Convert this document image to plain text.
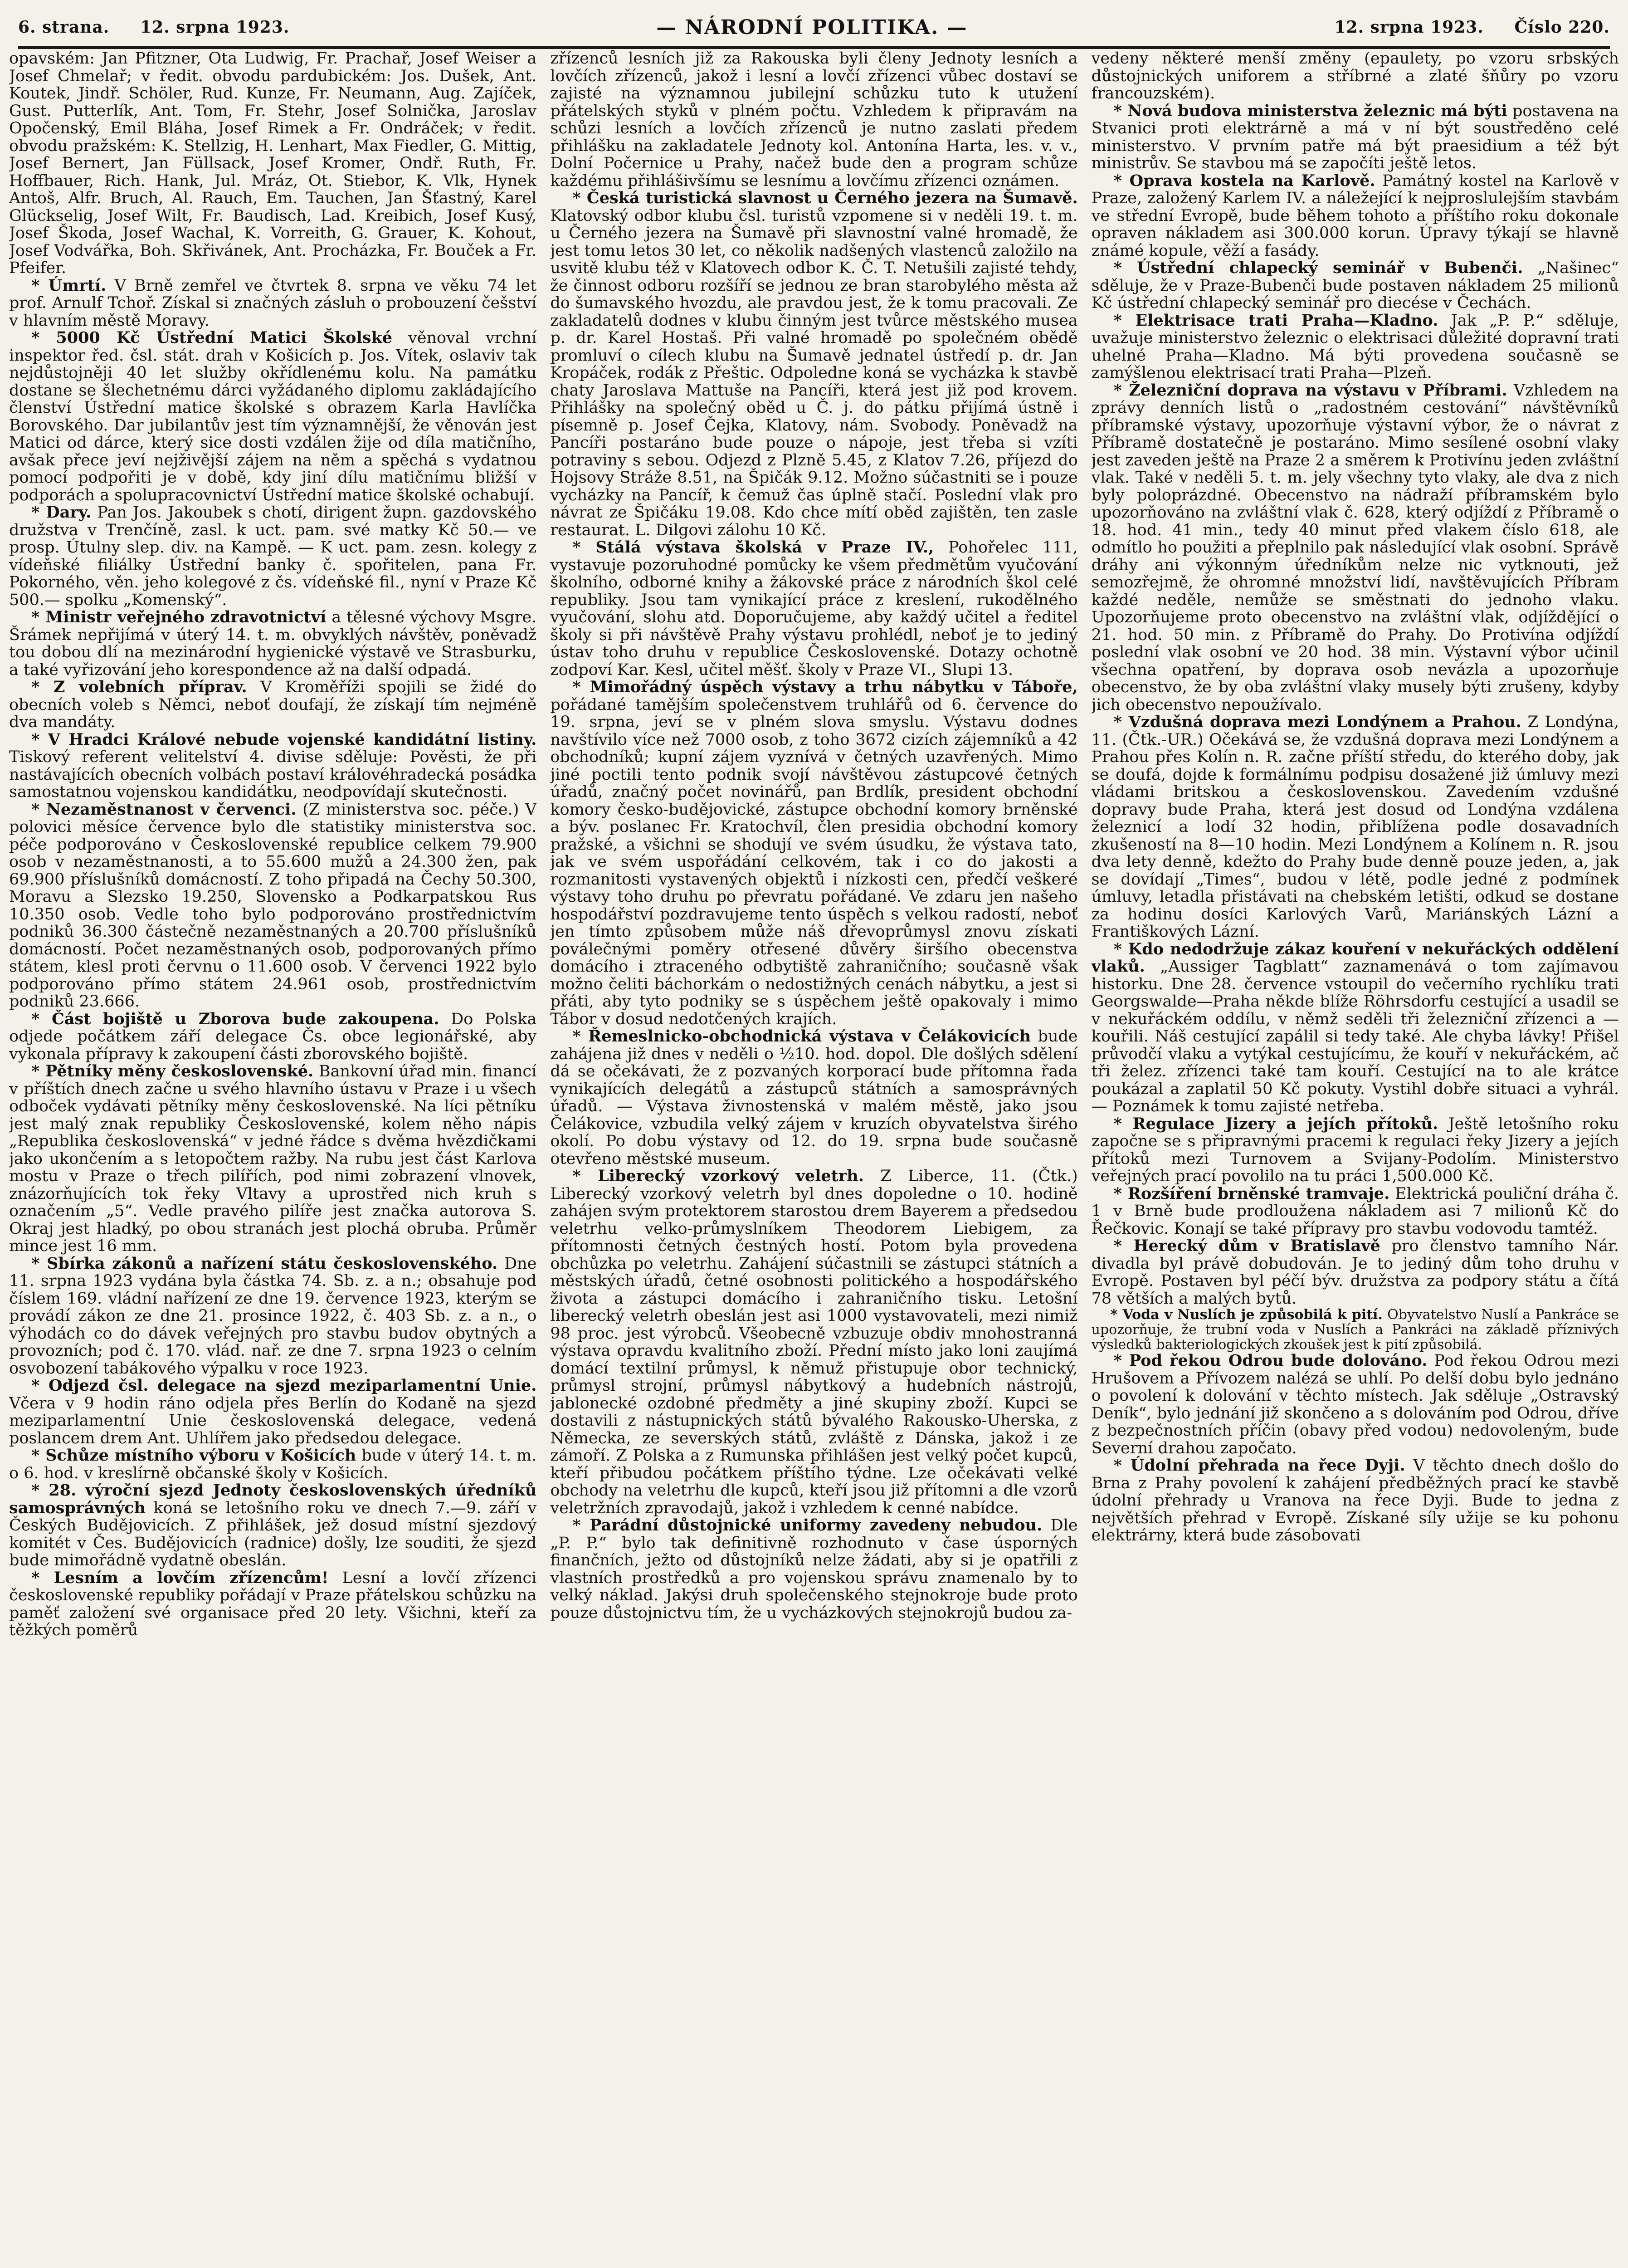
6. strana. 12. srpna 1923.	— NÁRODNÍ POLITIKA. —	12. srpna 1923. Číslo 220.

opavském: Jan Pfitzner, Ota Ludwig, Fr. Prachař, Josef Weiser a Josef Chmelař; v ředit. obvodu pardubickém: Jos. Dušek, Ant. Koutek, Jindř. Schöler, Rud. Kunze, Fr. Neumann, Aug. Zajíček, Gust. Putterlík, Ant. Tom, Fr. Stehr, Josef Solnička, Jaroslav Opočenský, Emil Bláha, Josef Rimek a Fr. Ondráček; v ředit. obvodu pražském: K. Stellzig, H. Lenhart, Max Fiedler, G. Mittig, Josef Bernert, Jan Füllsack, Josef Kromer, Ondř. Ruth, Fr. Hoffbauer, Rich. Hank, Jul. Mráz, Ot. Stiebor, K. Vlk, Hynek Antoš, Alfr. Bruch, Al. Rauch, Em. Tauchen, Jan Šťastný, Karel Glückselig, Josef Wilt, Fr. Baudisch, Lad. Kreibich, Josef Kusý, Josef Škoda, Josef Wachal, K. Vorreith, G. Grauer, K. Kohout, Josef Vodvářka, Boh. Skřivánek, Ant. Procházka, Fr. Bouček a Fr. Pfeifer.

* Úmrtí. V Brně zemřel ve čtvrtek 8. srpna ve věku 74 let prof. Arnulf Tchoř. Získal si značných zásluh o probouzení češství v hlavním městě Moravy.

* 5000 Kč Ústřední Matici Školské věnoval vrchní inspektor řed. čsl. stát. drah v Košicích p. Jos. Vítek, oslaviv tak nejdůstojněji 40 let služby okřídlenému kolu. Na památku dostane se šlechetnému dárci vyžádaného diplomu zakládajícího členství Ústřední matice školské s obrazem Karla Havlíčka Borovského. Dar jubilantův jest tím významnější, že věnován jest Matici od dárce, který sice dosti vzdálen žije od díla matičního, avšak přece jeví nejživější zájem na něm a spěchá s vydatnou pomocí podpořiti je v době, kdy jiní dílu matičnímu bližší v podporách a spolupracovnictví Ústřední matice školské ochabují.

* Dary. Pan Jos. Jakoubek s chotí, dirigent župn. gazdovského družstva v Trenčíně, zasl. k uct. pam. své matky Kč 50.— ve prosp. Útulny slep. div. na Kampě. — K uct. pam. zesn. kolegy z vídeňské filiálky Ústřední banky č. spořitelen, pana Fr. Pokorného, věn. jeho kolegové z čs. vídeňské fil., nyní v Praze Kč 500.— spolku „Komenský“.

* Ministr veřejného zdravotnictví a tělesné výchovy Msgre. Šrámek nepřijímá v úterý 14. t. m. obvyklých návštěv, poněvadž tou dobou dlí na mezinárodní hygienické výstavě ve Strasburku, a také vyřizování jeho korespondence až na další odpadá.

* Z volebních příprav. V Kroměříži spojili se židé do obecních voleb s Němci, neboť doufají, že získají tím nejméně dva mandáty.

* V Hradci Králové nebude vojenské kandidátní listiny. Tiskový referent velitelství 4. divise sděluje: Pověsti, že při nastávajících obecních volbách postaví královéhradecká posádka samostatnou vojenskou kandidátku, neodpovídají skutečnosti.

* Nezaměstnanost v červenci. (Z ministerstva soc. péče.) V polovici měsíce července bylo dle statistiky ministerstva soc. péče podporováno v Československé republice celkem 79.900 osob v nezaměstnanosti, a to 55.600 mužů a 24.300 žen, pak 69.900 příslušníků domácností. Z toho připadá na Čechy 50.300, Moravu a Slezsko 19.250, Slovensko a Podkarpatskou Rus 10.350 osob. Vedle toho bylo podporováno prostřednictvím podniků 36.300 částečně nezaměstnaných a 20.700 příslušníků domácností. Počet nezaměstnaných osob, podporovaných přímo státem, klesl proti červnu o 11.600 osob. V červenci 1922 bylo podporováno přímo státem 24.961 osob, prostřednictvím podniků 23.666.

* Část bojiště u Zborova bude zakoupena. Do Polska odjede počátkem září delegace Čs. obce legionářské, aby vykonala přípravy k zakoupení části zborovského bojiště.

* Pětníky měny československé. Bankovní úřad min. financí v příštích dnech začne u svého hlavního ústavu v Praze i u všech odboček vydávati pětníky měny československé. Na líci pětníku jest malý znak republiky Československé, kolem něho nápis „Republika československá“ v jedné řádce s dvěma hvězdičkami jako ukončením a s letopočtem ražby. Na rubu jest část Karlova mostu v Praze o třech pilířích, pod nimi zobrazení vlnovek, znázorňujících tok řeky Vltavy a uprostřed nich kruh s označením „5“. Vedle pravého pilíře jest značka autorova S. Okraj jest hladký, po obou stranách jest plochá obruba. Průměr mince jest 16 mm.

* Sbírka zákonů a nařízení státu československého. Dne 11. srpna 1923 vydána byla částka 74. Sb. z. a n.; obsahuje pod číslem 169. vládní nařízení ze dne 19. července 1923, kterým se provádí zákon ze dne 21. prosince 1922, č. 403 Sb. z. a n., o výhodách co do dávek veřejných pro stavbu budov obytných a provozních; pod č. 170. vlád. nař. ze dne 7. srpna 1923 o celním osvobození tabákového výpalku v roce 1923.

* Odjezd čsl. delegace na sjezd meziparlamentní Unie. Včera v 9 hodin ráno odjela přes Berlín do Kodaně na sjezd meziparlamentní Unie československá delegace, vedená poslancem drem Ant. Uhlířem jako předsedou delegace.

* Schůze místního výboru v Košicích bude v úterý 14. t. m. o 6. hod. v kreslírně občanské školy v Košicích.

* 28. výroční sjezd Jednoty československých úředníků samosprávných koná se letošního roku ve dnech 7.—9. září v Českých Budějovicích. Z přihlášek, jež dosud místní sjezdový komitét v Čes. Budějovicích (radnice) došly, lze souditi, že sjezd bude mimořádně vydatně obeslán.

* Lesním a lovčím zřízencům! Lesní a lovčí zřízenci československé republiky pořádají v Praze přátelskou schůzku na paměť založení své organisace před 20 lety. Všichni, kteří za těžkých poměrů

zřízenců lesních již za Rakouska byli členy Jednoty lesních a lovčích zřízenců, jakož i lesní a lovčí zřízenci vůbec dostaví se zajisté na významnou jubilejní schůzku tuto k utužení přátelských styků v plném počtu. Vzhledem k připravám na schůzi lesních a lovčích zřízenců je nutno zaslati předem přihlášku na zakladatele Jednoty kol. Antonína Harta, les. v. v., Dolní Počernice u Prahy, načež bude den a program schůze každému přihlášivšímu se lesnímu a lovčímu zřízenci oznámen.

* Česká turistická slavnost u Černého jezera na Šumavě. Klatovský odbor klubu čsl. turistů vzpomene si v neděli 19. t. m. u Černého jezera na Šumavě při slavnostní valné hromadě, že jest tomu letos 30 let, co několik nadšených vlastenců založilo na usvitě klubu též v Klatovech odbor K. Č. T. Netušili zajisté tehdy, že činnost odboru rozšíří se jednou ze bran starobylého města až do šumavského hvozdu, ale pravdou jest, že k tomu pracovali. Ze zakladatelů dodnes v klubu činným jest tvůrce městského musea p. dr. Karel Hostaš. Při valné hromadě po společném obědě promluví o cílech klubu na Šumavě jednatel ústředí p. dr. Jan Kropáček, rodák z Přeštic. Odpoledne koná se vycházka k stavbě chaty Jaroslava Mattuše na Pancíři, která jest již pod krovem. Přihlášky na společný oběd u Č. j. do pátku přijímá ústně i písemně p. Josef Čejka, Klatovy, nám. Svobody. Poněvadž na Pancíři postaráno bude pouze o nápoje, jest třeba si vzíti potraviny s sebou. Odjezd z Plzně 5.45, z Klatov 7.26, příjezd do Hojsovy Stráže 8.51, na Špičák 9.12. Možno súčastniti se i pouze vycházky na Pancíř, k čemuž čas úplně stačí. Poslední vlak pro návrat ze Špičáku 19.08. Kdo chce mítí oběd zajištěn, ten zasle restaurat. L. Dilgovi zálohu 10 Kč.

* Stálá výstava školská v Praze IV., Pohořelec 111, vystavuje pozoruhodné pomůcky ke všem předmětům vyučování školního, odborné knihy a žákovské práce z národních škol celé republiky. Jsou tam vynikající práce z kreslení, rukodělného vyučování, slohu atd. Doporučujeme, aby každý učitel a ředitel školy si při návštěvě Prahy výstavu prohlédl, neboť je to jediný ústav toho druhu v republice Československé. Dotazy ochotně zodpoví Kar. Kesl, učitel měšť. školy v Praze VI., Slupi 13.

* Mimořádný úspěch výstavy a trhu nábytku v Táboře, pořádané tamějším společenstvem truhlářů od 6. července do 19. srpna, jeví se v plném slova smyslu. Výstavu dodnes navštívilo více než 7000 osob, z toho 3672 cizích zájemníků a 42 obchodníků; kupní zájem vyznívá v četných uzavřených. Mimo jiné poctili tento podnik svojí návštěvou zástupcové četných úřadů, značný počet novinářů, pan Brdlík, president obchodní komory česko-budějovické, zástupce obchodní komory brněnské a býv. poslanec Fr. Kratochvíl, člen presidia obchodní komory pražské, a všichni se shodují ve svém úsudku, že výstava tato, jak ve svém uspořádání celkovém, tak i co do jakosti a rozmanitosti vystavených objektů i nízkosti cen, předčí veškeré výstavy toho druhu po převratu pořádané. Ve zdaru jen našeho hospodářství pozdravujeme tento úspěch s velkou radostí, neboť jen tímto způsobem může náš dřevoprůmysl znovu získati poválečnými poměry otřesené důvěry širšího obecenstva domácího i ztraceného odbytiště zahraničního; současně však možno čeliti báchorkám o nedostižných cenách nábytku, a jest si přáti, aby tyto podniky se s úspěchem ještě opakovaly i mimo Tábor v dosud nedotčených krajích.

* Řemeslnicko-obchodnická výstava v Čelákovicích bude zahájena již dnes v neděli o ½10. hod. dopol. Dle došlých sdělení dá se očekávati, že z pozvaných korporací bude přítomna řada vynikajících delegátů a zástupců státních a samosprávných úřadů. — Výstava živnostenská v malém městě, jako jsou Čelákovice, vzbudila velký zájem v kruzích obyvatelstva širého okolí. Po dobu výstavy od 12. do 19. srpna bude současně otevřeno městské museum.

* Liberecký vzorkový veletrh. Z Liberce, 11. (Čtk.) Liberecký vzorkový veletrh byl dnes dopoledne o 10. hodině zahájen svým protektorem starostou drem Bayerem a předsedou veletrhu velko-průmyslníkem Theodorem Liebigem, za přítomnosti četných čestných hostí. Potom byla provedena obchůzka po veletrhu. Zahájení súčastnili se zástupci státních a městských úřadů, četné osobnosti politického a hospodářského života a zástupci domácího i zahraničního tisku. Letošní liberecký veletrh obeslán jest asi 1000 vystavovateli, mezi nimiž 98 proc. jest výrobců. Všeobecně vzbuzuje obdiv mnohostranná výstava opravdu kvalitního zboží. Přední místo jako loni zaujímá domácí textilní průmysl, k němuž přistupuje obor technický, průmysl strojní, průmysl nábytkový a hudebních nástrojů, jablonecké ozdobné předměty a jiné skupiny zboží. Kupci se dostavili z nástupnických států bývalého Rakousko-Uherska, z Německa, ze severských států, zvláště z Dánska, jakož i ze zámoří. Z Polska a z Rumunska přihlášen jest velký počet kupců, kteří přibudou počátkem příštího týdne. Lze očekávati velké obchody na veletrhu dle kupců, kteří jsou již přítomni a dle vzorů veletržních zpravodajů, jakož i vzhledem k cenné nabídce.

* Parádní důstojnické uniformy zavedeny nebudou. Dle „P. P.“ bylo tak definitivně rozhodnuto v čase úsporných finančních, ježto od důstojníků nelze žádati, aby si je opatřili z vlastních prostředků a pro vojenskou správu znamenalo by to velký náklad. Jakýsi druh společenského stejnokroje bude proto pouze důstojnictvu tím, že u vycházkových stejnokrojů budou za-

vedeny některé menší změny (epaulety, po vzoru srbských důstojnických uniforem a stříbrné a zlaté šňůry po vzoru francouzském).

* Nová budova ministerstva železnic má býti postavena na Stvanici proti elektrárně a má v ní být soustředěno celé ministerstvo. V prvním patře má být praesidium a též být ministrův. Se stavbou má se započíti ještě letos.

* Oprava kostela na Karlově. Památný kostel na Karlově v Praze, založený Karlem IV. a náležející k nejproslulejším stavbám ve střední Evropě, bude během tohoto a příštího roku dokonale opraven nákladem asi 300.000 korun. Úpravy týkají se hlavně známé kopule, věží a fasády.

* Ústřední chlapecký seminář v Bubenči. „Našinec“ sděluje, že v Praze-Bubenči bude postaven nákladem 25 milionů Kč ústřední chlapecký seminář pro diecése v Čechách.

* Elektrisace trati Praha—Kladno. Jak „P. P.“ sděluje, uvažuje ministerstvo železnic o elektrisaci důležité dopravní trati uhelné Praha—Kladno. Má býti provedena současně se zamýšlenou elektrisací trati Praha—Plzeň.

* Železniční doprava na výstavu v Příbrami. Vzhledem na zprávy denních listů o „radostném cestování“ návštěvníků příbramské výstavy, upozorňuje výstavní výbor, že o návrat z Příbramě dostatečně je postaráno. Mimo sesílené osobní vlaky jest zaveden ještě na Praze 2 a směrem k Protivínu jeden zvláštní vlak. Také v neděli 5. t. m. jely všechny tyto vlaky, ale dva z nich byly poloprázdné. Obecenstvo na nádraží příbramském bylo upozorňováno na zvláštní vlak č. 628, který odjíždí z Příbramě o 18. hod. 41 min., tedy 40 minut před vlakem číslo 618, ale odmítlo ho použiti a přeplnilo pak následující vlak osobní. Správě dráhy ani výkonným úředníkům nelze nic vytknouti, jež semozřejmě, že ohromné množství lidí, navštěvujících Příbram každé neděle, nemůže se směstnati do jednoho vlaku. Upozorňujeme proto obecenstvo na zvláštní vlak, odjíždějící o 21. hod. 50 min. z Příbramě do Prahy. Do Protivína odjíždí poslední vlak osobní ve 20 hod. 38 min. Výstavní výbor učinil všechna opatření, by doprava osob nevázla a upozorňuje obecenstvo, že by oba zvláštní vlaky musely býti zrušeny, kdyby jich obecenstvo nepoužívalo.

* Vzdušná doprava mezi Londýnem a Prahou. Z Londýna, 11. (Čtk.-UR.) Očekává se, že vzdušná doprava mezi Londýnem a Prahou přes Kolín n. R. začne příští středu, do kterého doby, jak se doufá, dojde k formálnímu podpisu dosažené již úmluvy mezi vládami britskou a československou. Zavedením vzdušné dopravy bude Praha, která jest dosud od Londýna vzdálena železnicí a lodí 32 hodin, přiblížena podle dosavadních zkušeností na 8—10 hodin. Mezi Londýnem a Kolínem n. R. jsou dva lety denně, kdežto do Prahy bude denně pouze jeden, a, jak se dovídají „Times“, budou v létě, podle jedné z podmínek úmluvy, letadla přistávati na chebském letišti, odkud se dostane za hodinu dosíci Karlových Varů, Mariánských Lázní a Františkových Lázní.

* Kdo nedodržuje zákaz kouření v nekuřáckých oddělení vlaků. „Aussiger Tagblatt“ zaznamenává o tom zajímavou historku. Dne 28. července vstoupil do večerního rychlíku trati Georgswalde—Praha někde blíže Röhrsdorfu cestující a usadil se v nekuřáckém oddílu, v němž seděli tři železniční zřízenci a — kouřili. Náš cestující zapálil si tedy také. Ale chyba lávky! Přišel průvodčí vlaku a vytýkal cestujícímu, že kouří v nekuřáckém, ač tři želez. zřízenci také tam kouří. Cestující na to ale krátce poukázal a zaplatil 50 Kč pokuty. Vystihl dobře situaci a vyhrál. — Poznámek k tomu zajisté netřeba.

* Regulace Jizery a jejích přítoků. Ještě letošního roku započne se s připravnými pracemi k regulaci řeky Jizery a jejích přítoků mezi Turnovem a Svijany-Podolím. Ministerstvo veřejných prací povolilo na tu práci 1,500.000 Kč.

* Rozšíření brněnské tramvaje. Elektrická pouliční dráha č. 1 v Brně bude prodloužena nákladem asi 7 milionů Kč do Řečkovic. Konají se také přípravy pro stavbu vodovodu tamtéž.

* Herecký dům v Bratislavě pro členstvo tamního Nár. divadla byl právě dobudován. Je to jediný dům toho druhu v Evropě. Postaven byl péčí býv. družstva za podpory státu a čítá 78 větších a malých bytů.

* Voda v Nuslích je způsobilá k pití. Obyvatelstvo Nuslí a Pankráce se upozorňuje, že trubní voda v Nuslích a Pankráci na základě příznivých výsledků bakteriologických zkoušek jest k pití způsobilá.

* Pod řekou Odrou bude dolováno. Pod řekou Odrou mezi Hrušovem a Přívozem nalézá se uhlí. Po delší dobu bylo jednáno o povolení k dolování v těchto místech. Jak sděluje „Ostravský Deník“, bylo jednání již skončeno a s dolováním pod Odrou, dříve z bezpečnostních příčin (obavy před vodou) nedovoleným, bude Severní drahou započato.

* Údolní přehrada na řece Dyji. V těchto dnech došlo do Brna z Prahy povolení k zahájení předběžných prací ke stavbě údolní přehrady u Vranova na řece Dyji. Bude to jedna z největších přehrad v Evropě. Získané síly užije se ku pohonu elektrárny, která bude zásobovati
